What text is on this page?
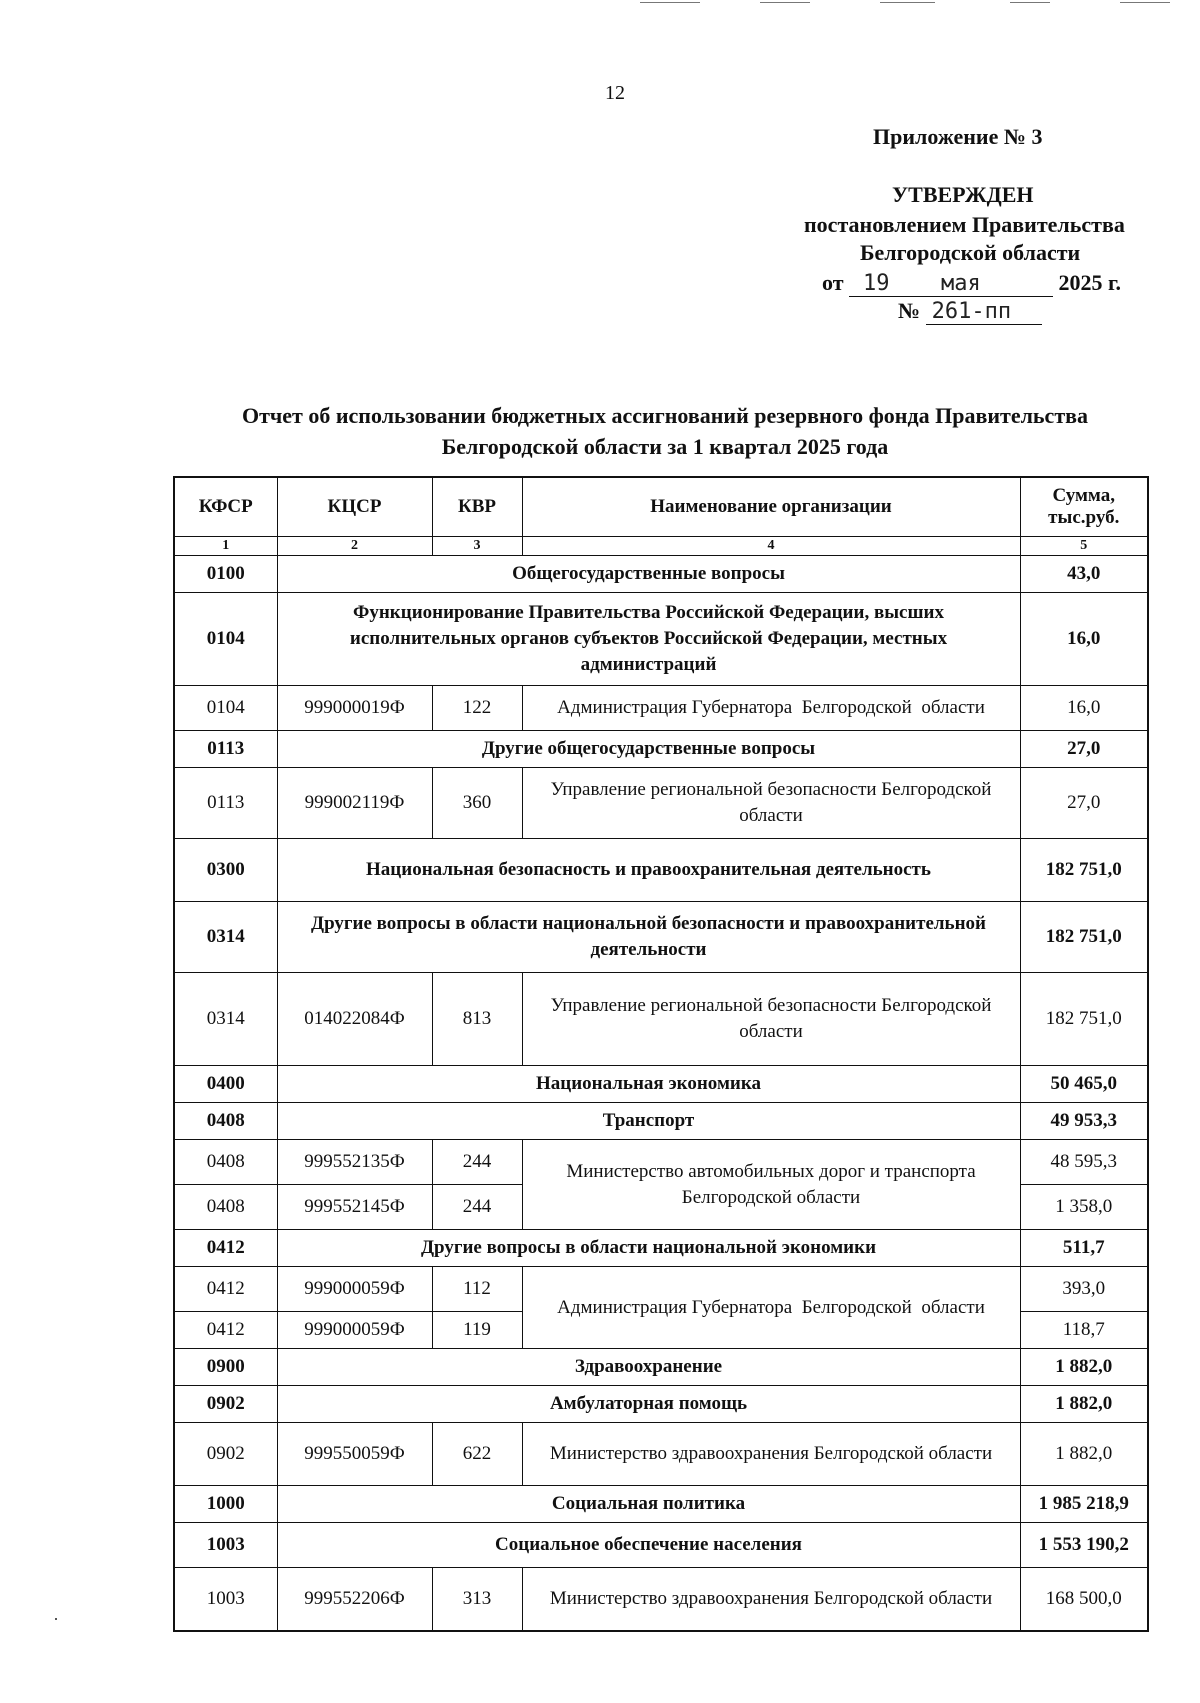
12
Приложение № 3
УТВЕРЖДЕН
постановлением Правительства
Белгородской области
от 19 мая	2025 г.
№ 261-пп
Отчет об использовании бюджетных ассигнований резервного фонда Правительства
Белгородской области за 1 квартал 2025 года
КФСР	КЦСР	КВР	Наименование организации	Сумма,
тыс.руб.

1	2	3	4	5
0100	Общегосударственные вопросы			43,0
0104	Функционирование Правительства Российской Федерации, высших исполнительных органов субъектов Российской Федерации, местных администраций			16,0
0104	999000019Ф	122	Администрация Губернатора  Белгородской  области	16,0
0113	Другие общегосударственные вопросы			27,0
0113	999002119Ф	360	Управление региональной безопасности Белгородской области	27,0
0300	Национальная безопасность и правоохранительная деятельность			182 751,0
0314	Другие вопросы в области национальной безопасности и правоохранительной деятельности			182 751,0
0314	014022084Ф	813	Управление региональной безопасности Белгородской области	182 751,0
0400	Национальная экономика			50 465,0
0408	Транспорт			49 953,3
0408	999552135Ф	244	Министерство автомобильных дорог и транспорта Белгородской области	48 595,3
0408	999552145Ф	244		1 358,0
0412	Другие вопросы в области национальной экономики			511,7
0412	999000059Ф	112	Администрация Губернатора  Белгородской  области	393,0
0412	999000059Ф	119		118,7
0900	Здравоохранение			1 882,0
0902	Амбулаторная помощь			1 882,0
0902	999550059Ф	622	Министерство здравоохранения Белгородской области	1 882,0
1000	Социальная политика			1 985 218,9
1003	Социальное обеспечение населения			1 553 190,2
1003	999552206Ф	313	Министерство здравоохранения Белгородской области	168 500,0
